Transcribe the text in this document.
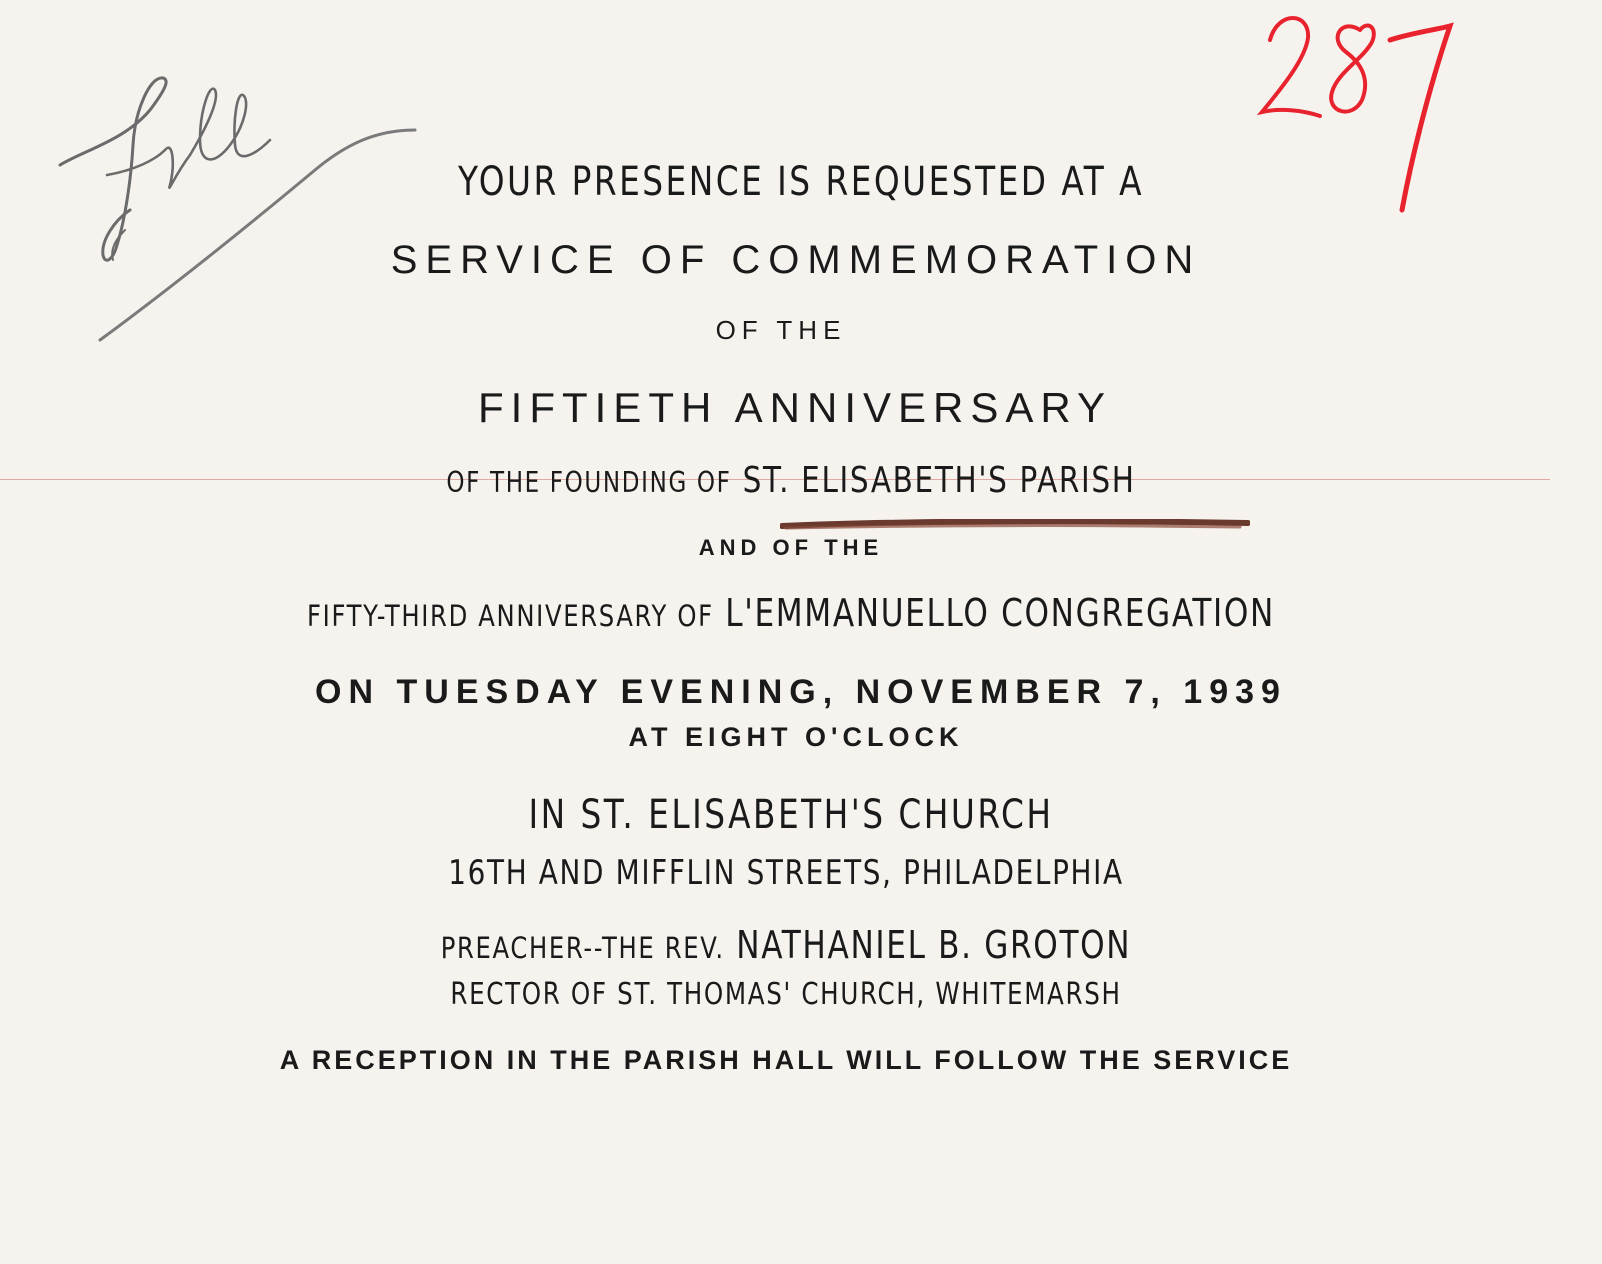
YOUR PRESENCE IS REQUESTED AT A
SERVICE OF COMMEMORATION
OF THE
FIFTIETH ANNIVERSARY
OF THE FOUNDING OF ST. ELISABETH'S PARISH
AND OF THE
FIFTY-THIRD ANNIVERSARY OF L'EMMANUELLO CONGREGATION
ON TUESDAY EVENING, NOVEMBER 7, 1939
AT EIGHT O'CLOCK
IN ST. ELISABETH'S CHURCH
16TH AND MIFFLIN STREETS, PHILADELPHIA
PREACHER--THE REV. NATHANIEL B. GROTON
RECTOR OF ST. THOMAS' CHURCH, WHITEMARSH
A RECEPTION IN THE PARISH HALL WILL FOLLOW THE SERVICE
